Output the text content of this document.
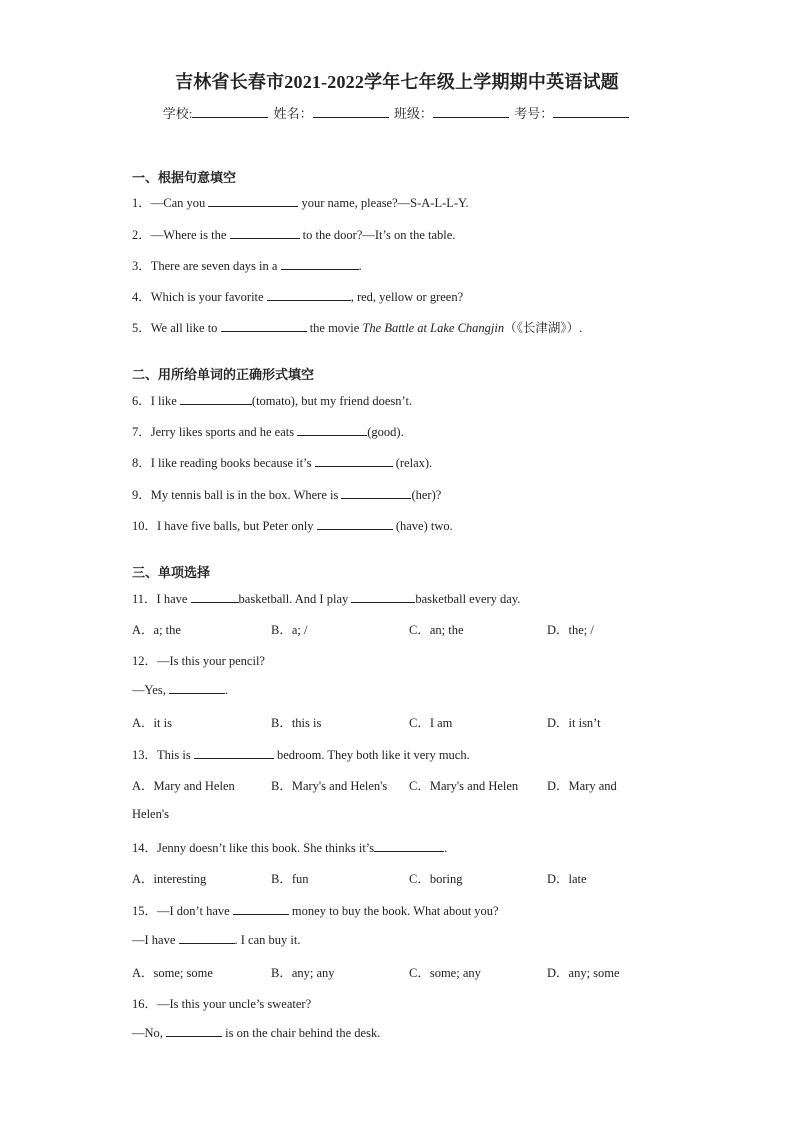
吉林省长春市2021-2022学年七年级上学期期中英语试题
学校:	姓名：	班级：	考号：
一、根据句意填空
1．—Can you	your name, please?—S-A-L-L-Y.
2．—Where is the	to the door?—It’s on the table.
3．There are seven days in a	.
4．Which is your favorite	, red, yellow or green?
5．We all like to	the movie The Battle at Lake Changjin（《长津湖》）.
二、用所给单词的正确形式填空
6．I like	(tomato), but my friend doesn’t.
7．Jerry likes sports and he eats	(good).
8．I like reading books because it’s	(relax).
9．My tennis ball is in the box. Where is	(her)?
10．I have five balls, but Peter only	(have) two.
三、单项选择
11．I have	basketball. And I play	basketball every day.
A．a; the	B．a; /	C．an; the	D．the; /
12．—Is this your pencil?
—Yes,	.
A．it is	B．this is	C．I am	D．it isn’t
13．This is	bedroom. They both like it very much.
A．Mary and Helen	B．Mary's and Helen's C．Mary's and Helen D．Mary and
Helen's
14．Jenny doesn’t like this book. She thinks it’s	.
A．interesting	B．fun	C．boring	D．late
15．—I don’t have	money to buy the book. What about you?
—I have	. I can buy it.
A．some; some	B．any; any	C．some; any	D．any; some
16．—Is this your uncle’s sweater?
—No,	is on the chair behind the desk.
